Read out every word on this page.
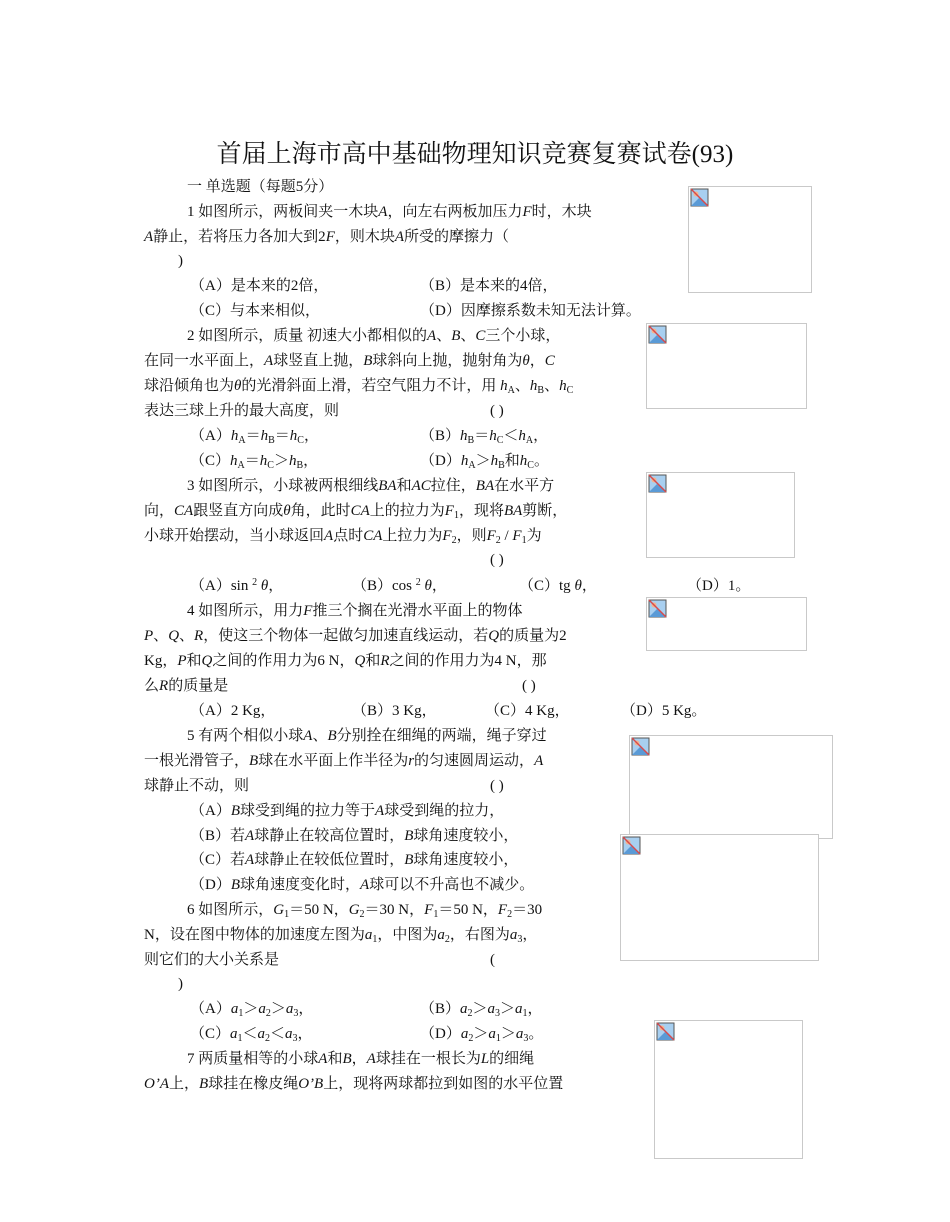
首届上海市高中基础物理知识竞赛复赛试卷(93)
一 单选题（每题5分）
1 如图所示，两板间夹一木块A，向左右两板加压力F时，木块
A静止，若将压力各加大到2F，则木块A所受的摩擦力（
)
（A）是本来的2倍，	（B）是本来的4倍，
（C）与本来相似，	（D）因摩擦系数未知无法计算。
2 如图所示，质量 初速大小都相似的A、B、C三个小球，
在同一水平面上，A球竖直上抛，B球斜向上抛，抛射角为θ，C
球沿倾角也为θ的光滑斜面上滑，若空气阻力不计，用 $h_A$、$h_B$、$h_C$
表达三球上升的最大高度，则	( )
$(A)h_A=h_B=h_C$，	$(B)h_B=h_C<h_A$，
$(C)h_A=h_C>h_B$，	$(D)h_A>h_B$和$h_C$。
3 如图所示，小球被两根细线BA和AC拉住，BA在水平方
向，CA跟竖直方向成θ角，此时CA上的拉力为$F_1$，现将BA剪断，
小球开始摆动，当小球返回A点时CA上拉力为$F_2$，则$F_2 / F_1$为
( )
（A）sin $^2$ θ，	（B）cos $^2$ θ，	（C）tg θ，	（D）1。
4 如图所示，用力F推三个搁在光滑水平面上的物体
P、Q、R，使这三个物体一起做匀加速直线运动，若Q的质量为2
Kg，P和Q之间的作用力为6 N，Q和R之间的作用力为4 N，那
么R的质量是	( )
（A）2 Kg，	（B）3 Kg，	（C）4 Kg，	（D）5 Kg。
5 有两个相似小球A、B分别拴在细绳的两端，绳子穿过
一根光滑管子，B球在水平面上作半径为r的匀速圆周运动，A
球静止不动，则	( )
（A）B球受到绳的拉力等于A球受到绳的拉力，
（B）若A球静止在较高位置时，B球角速度较小，
（C）若A球静止在较低位置时，B球角速度较小，
（D）B球角速度变化时，A球可以不升高也不减少。
6 如图所示，$G_1=50$ N，$G_2=30$ N，$F_1=50$ N，$F_2=30$
N，设在图中物体的加速度左图为$a_1$，中图为$a_2$，右图为$a_3$，
则它们的大小关系是	(
)
$(A)a_1>a_2>a_3$，	$(B)a_2>a_3>a_1$，
$(C)a_1<a_2<a_3$，	$(D)a_2>a_1>a_3$。
7 两质量相等的小球A和B，A球挂在一根长为L的细绳
O’A上，B球挂在橡皮绳O’B上，现将两球都拉到如图的水平位置
